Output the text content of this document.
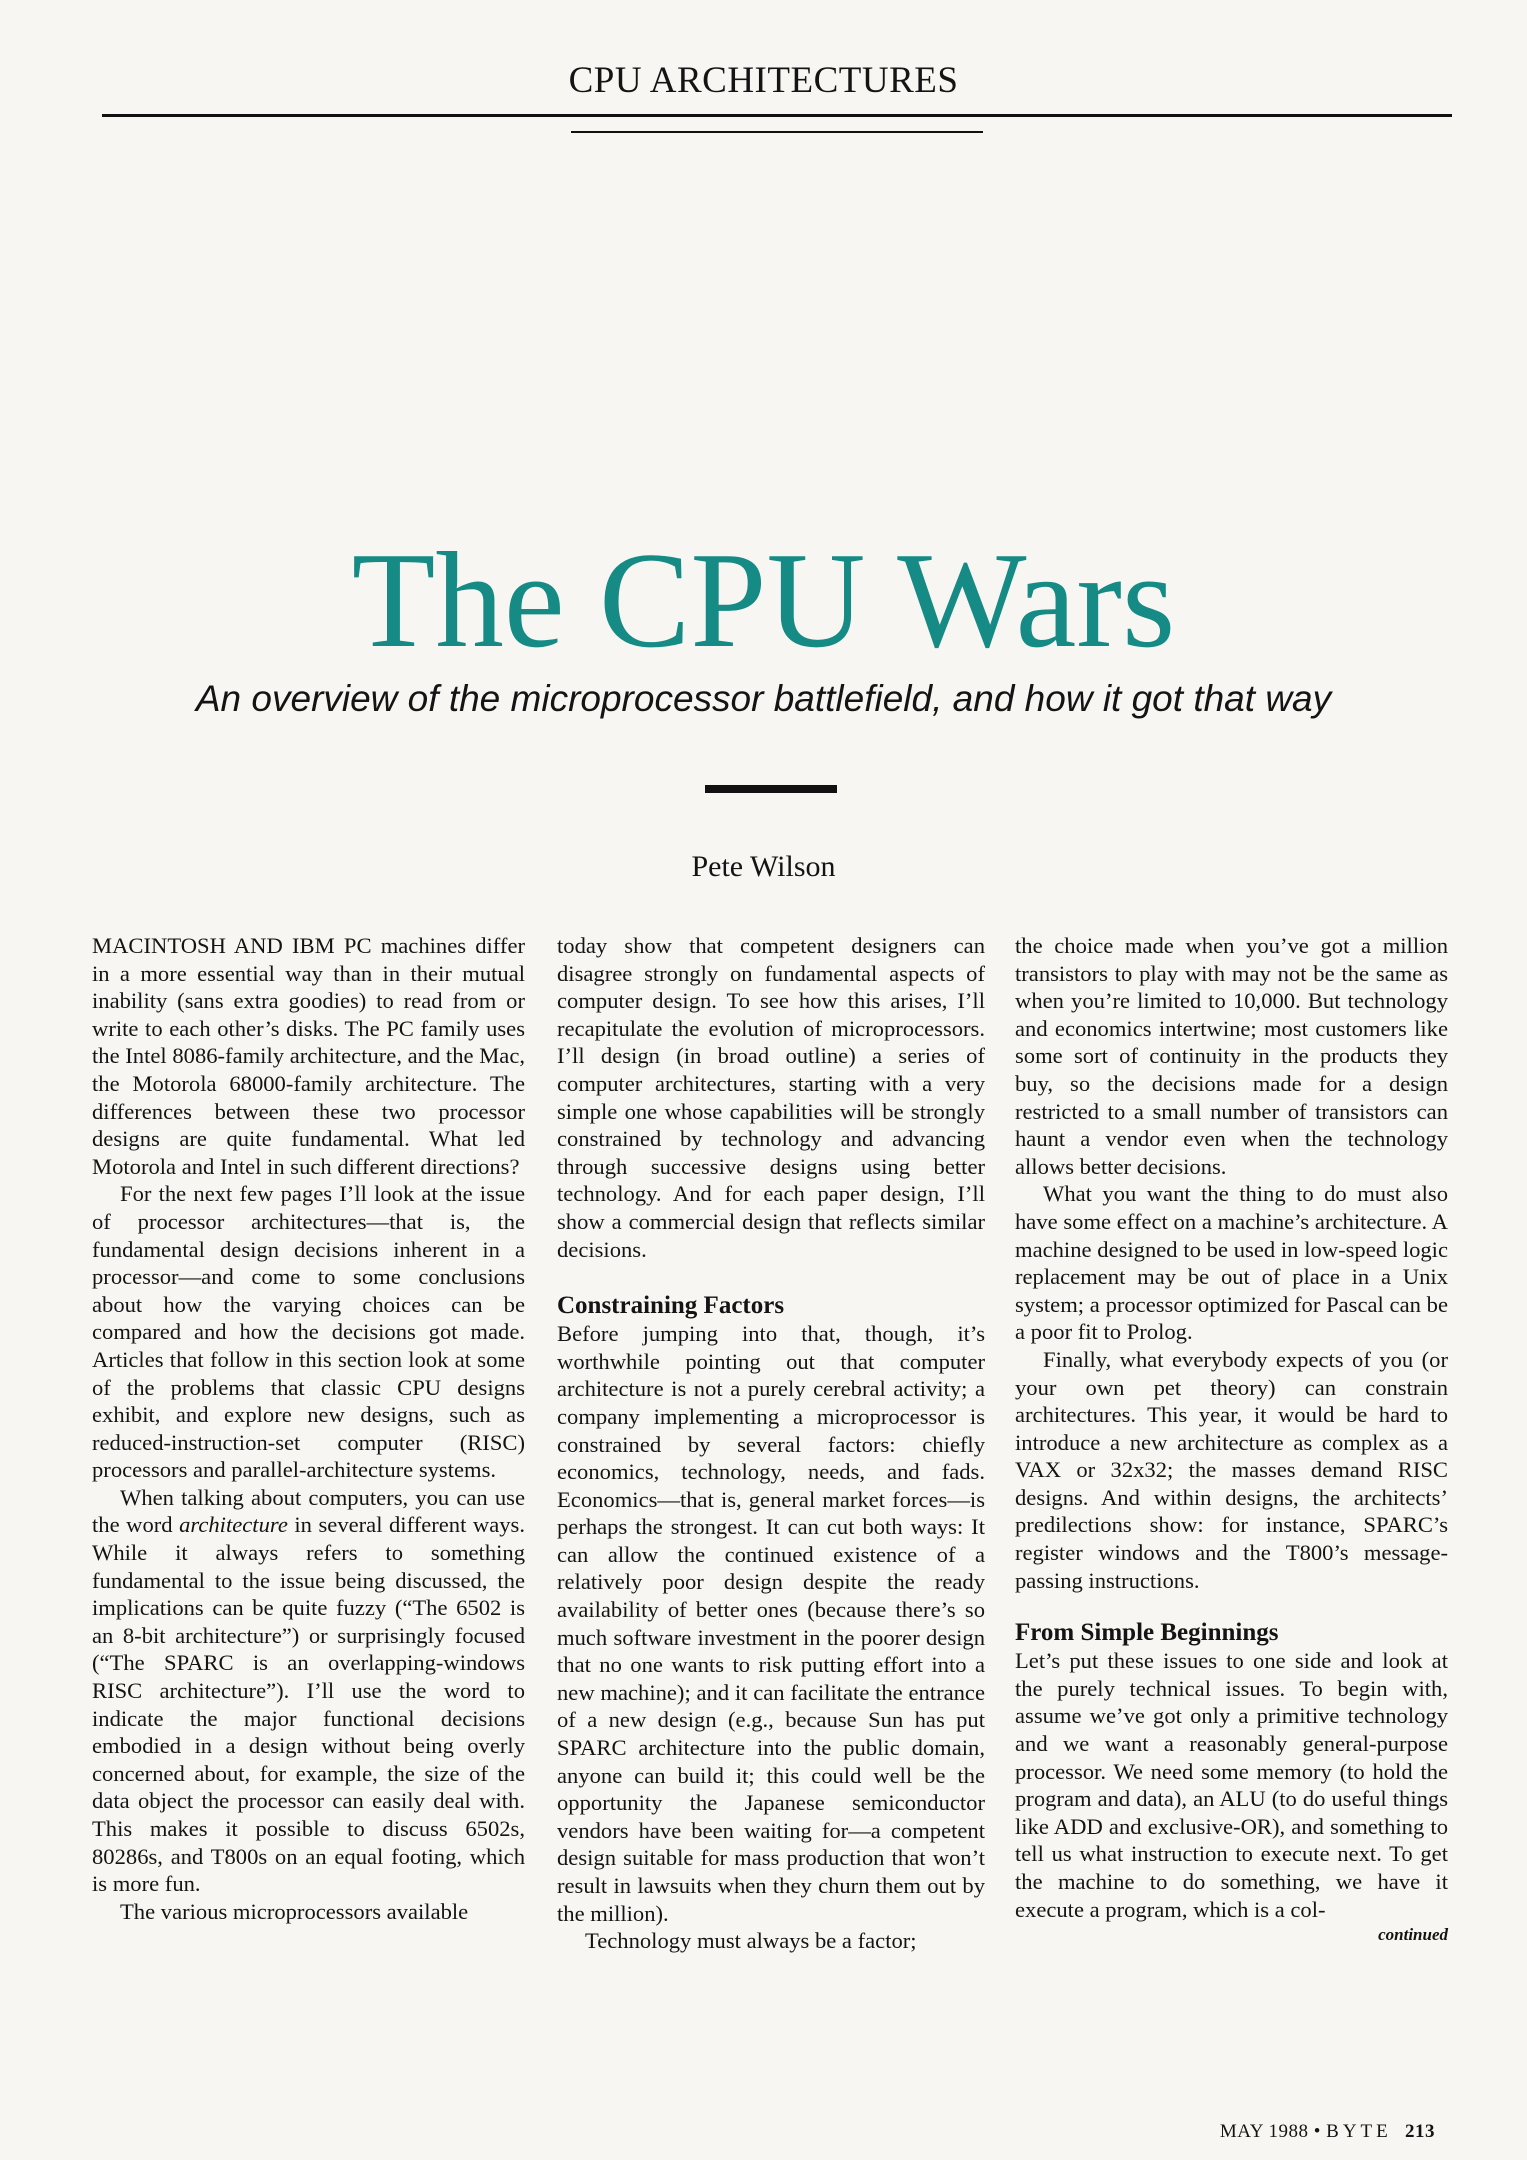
CPU ARCHITECTURES
The CPU Wars
An overview of the microprocessor battlefield, and how it got that way
Pete Wilson

MACINTOSH AND IBM PC machines differ in a more essential way than in their mutual inability (sans extra goodies) to read from or write to each other’s disks. The PC family uses the Intel 8086-family architecture, and the Mac, the Motorola 68000-family architecture. The differences between these two processor designs are quite fundamental. What led Motorola and Intel in such different directions?

For the next few pages I’ll look at the issue of processor architectures—that is, the fundamental design decisions inherent in a processor—and come to some conclusions about how the varying choices can be compared and how the decisions got made. Articles that follow in this section look at some of the problems that classic CPU designs exhibit, and explore new designs, such as reduced-instruction-set computer (RISC) processors and parallel-architecture systems.

When talking about computers, you can use the word architecture in several different ways. While it always refers to something fundamental to the issue being discussed, the implications can be quite fuzzy (“The 6502 is an 8-bit architecture”) or surprisingly focused (“The SPARC is an overlapping-windows RISC architecture”). I’ll use the word to indicate the major functional decisions embodied in a design without being overly concerned about, for example, the size of the data object the processor can easily deal with. This makes it possible to discuss 6502s, 80286s, and T800s on an equal footing, which is more fun.

The various microprocessors available

today show that competent designers can disagree strongly on fundamental aspects of computer design. To see how this arises, I’ll recapitulate the evolution of microprocessors. I’ll design (in broad outline) a series of computer architectures, starting with a very simple one whose capabilities will be strongly constrained by technology and advancing through successive designs using better technology. And for each paper design, I’ll show a commercial design that reflects similar decisions.

Constraining Factors

Before jumping into that, though, it’s worthwhile pointing out that computer architecture is not a purely cerebral activity; a company implementing a microprocessor is constrained by several factors: chiefly economics, technology, needs, and fads. Economics—that is, general market forces—is perhaps the strongest. It can cut both ways: It can allow the continued existence of a relatively poor design despite the ready availability of better ones (because there’s so much software investment in the poorer design that no one wants to risk putting effort into a new machine); and it can facilitate the entrance of a new design (e.g., because Sun has put SPARC architecture into the public domain, anyone can build it; this could well be the opportunity the Japanese semiconductor vendors have been waiting for—a competent design suitable for mass production that won’t result in lawsuits when they churn them out by the million).

Technology must always be a factor;

the choice made when you’ve got a million transistors to play with may not be the same as when you’re limited to 10,000. But technology and economics intertwine; most customers like some sort of continuity in the products they buy, so the decisions made for a design restricted to a small number of transistors can haunt a vendor even when the technology allows better decisions.

What you want the thing to do must also have some effect on a machine’s architecture. A machine designed to be used in low-speed logic replacement may be out of place in a Unix system; a processor optimized for Pascal can be a poor fit to Prolog.

Finally, what everybody expects of you (or your own pet theory) can constrain architectures. This year, it would be hard to introduce a new architecture as complex as a VAX or 32x32; the masses demand RISC designs. And within designs, the architects’ predilections show: for instance, SPARC’s register windows and the T800’s message-passing instructions.

From Simple Beginnings

Let’s put these issues to one side and look at the purely technical issues. To begin with, assume we’ve got only a primitive technology and we want a reasonably general-purpose processor. We need some memory (to hold the program and data), an ALU (to do useful things like ADD and exclusive-OR), and something to tell us what instruction to execute next. To get the machine to do something, we have it execute a program, which is a col-

continued
MAY 1988 • BYTE 213
